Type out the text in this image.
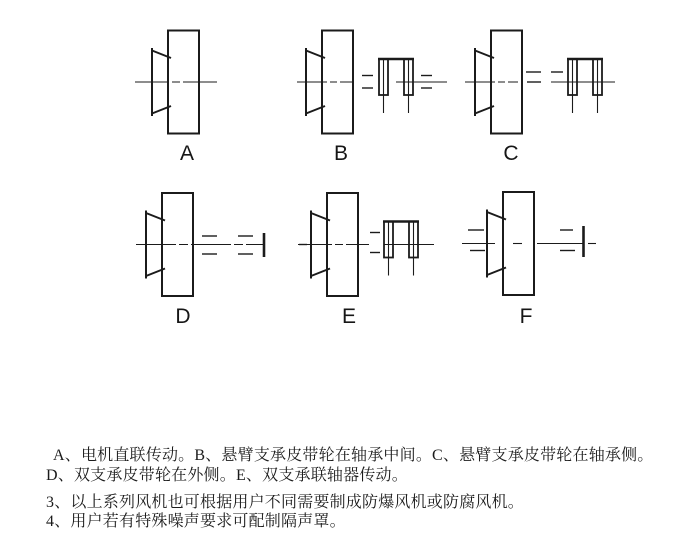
A	B	C
D	E	F
A、电机直联传动。B、悬臂支承皮带轮在轴承中间。C、悬臂支承皮带轮在轴承侧。
D、双支承皮带轮在外侧。E、双支承联轴器传动。
3、以上系列风机也可根据用户不同需要制成防爆风机或防腐风机。
4、用户若有特殊噪声要求可配制隔声罩。
